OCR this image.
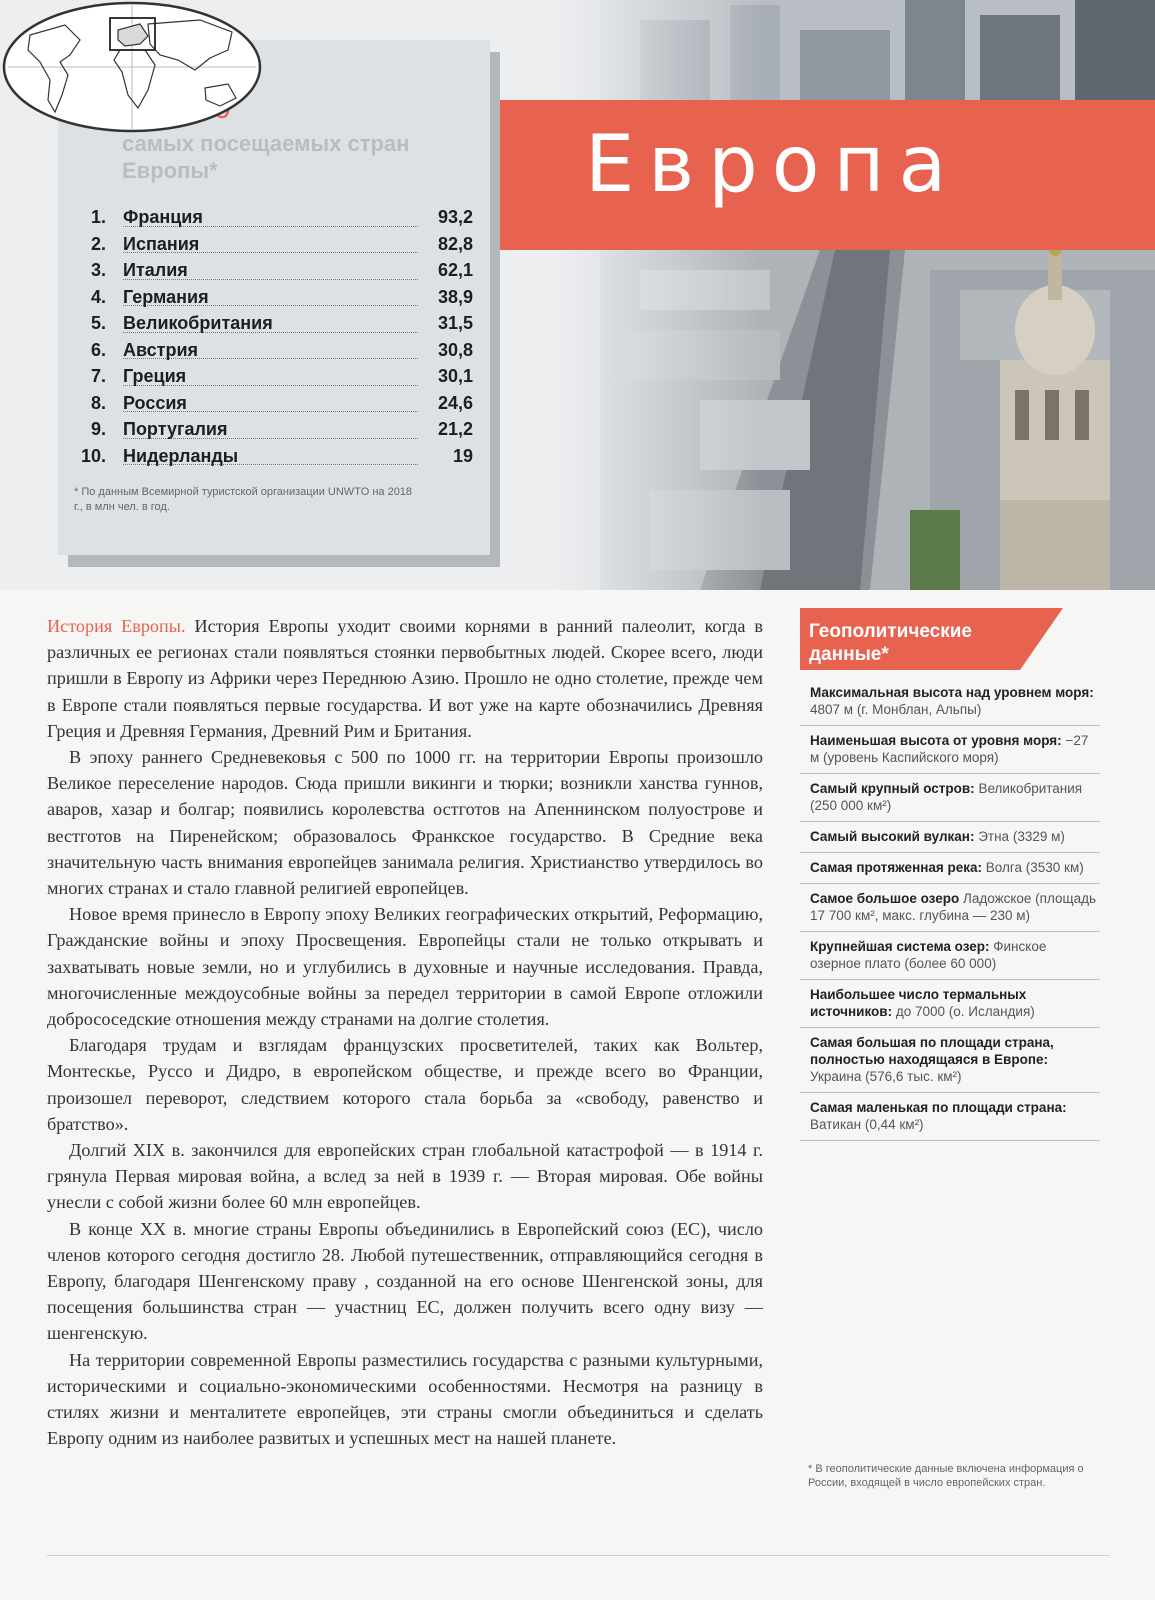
Европа
самых посещаемых стран Европы*
1. Франция	93,2
2. Испания	82,8
3. Италия	62,1
4. Германия	38,9
5. Великобритания	31,5
6. Австрия	30,8
7. Греция	30,1
8. Россия	24,6
9. Португалия	21,2
10. Нидерланды	19
* По данным Всемирной туристской организации UNWTO на 2018 г., в млн чел. в год.

История Европы. История Европы уходит своими корнями в ранний палеолит, когда в различных ее регионах стали появляться стоянки первобытных людей. Скорее всего, люди пришли в Европу из Африки через Переднюю Азию. Прошло не одно столетие, прежде чем в Европе стали появляться первые государства. И вот уже на карте обозначились Древняя Греция и Древняя Германия, Древний Рим и Британия.

В эпоху раннего Средневековья с 500 по 1000 гг. на территории Европы произошло Великое переселение народов. Сюда пришли викинги и тюрки; возникли ханства гуннов, аваров, хазар и болгар; появились королевства остготов на Апеннинском полуострове и вестготов на Пиренейском; образовалось Франкское государство. В Средние века значительную часть внимания европейцев занимала религия. Христианство утвердилось во многих странах и стало главной религией европейцев.

Новое время принесло в Европу эпоху Великих географических открытий, Реформацию, Гражданские войны и эпоху Просвещения. Европейцы стали не только открывать и захватывать новые земли, но и углубились в духовные и научные исследования. Правда, многочисленные междоусобные войны за передел территории в самой Европе отложили добрососедские отношения между странами на долгие столетия.

Благодаря трудам и взглядам французских просветителей, таких как Вольтер, Монтескье, Руссо и Дидро, в европейском обществе, и прежде всего во Франции, произошел переворот, следствием которого стала борьба за «свободу, равенство и братство».

Долгий XIX в. закончился для европейских стран глобальной катастрофой — в 1914 г. грянула Первая мировая война, а вслед за ней в 1939 г. — Вторая мировая. Обе войны унесли с собой жизни более 60 млн европейцев.

В конце XX в. многие страны Европы объединились в Европейский союз (ЕС), число членов которого сегодня достигло 28. Любой путешественник, отправляющийся сегодня в Европу, благодаря Шенгенскому праву , созданной на его основе Шенгенской зоны, для посещения большинства стран — участниц ЕС, должен получить всего одну визу — шенгенскую.

На территории современной Европы разместились государства с разными культурными, историческими и социально-экономическими особенностями. Несмотря на разницу в стилях жизни и менталитете европейцев, эти страны смогли объединиться и сделать Европу одним из наиболее развитых и успешных мест на нашей планете.

Геополитические данные*
Максимальная высота над уровнем моря: 4807 м (г. Монблан, Альпы)
Наименьшая высота от уровня моря: −27 м (уровень Каспийского моря)
Самый крупный остров: Великобритания (250 000 км²)
Самый высокий вулкан: Этна (3329 м)
Самая протяженная река: Волга (3530 км)
Самое большое озеро Ладожское (площадь 17 700 км², макс. глубина — 230 м)
Крупнейшая система озер: Финское озерное плато (более 60 000)
Наибольшее число термальных источников: до 7000 (о. Исландия)
Самая большая по площади страна, полностью находящаяся в Европе: Украина (576,6 тыс. км²)
Самая маленькая по площади страна: Ватикан (0,44 км²)
* В геополитические данные включена информация о России, входящей в число европейских стран.
